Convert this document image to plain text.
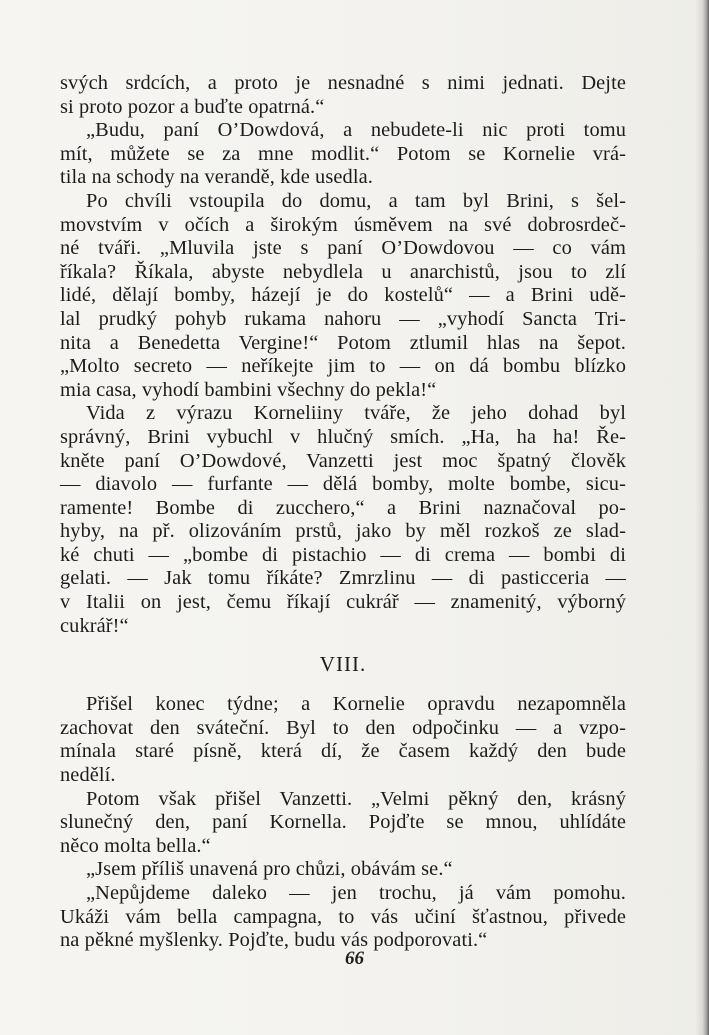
svých srdcích, a proto je nesnadné s nimi jednati. Dejte
si proto pozor a buďte opatrná.“
„Budu, paní O’Dowdová, a nebudete-li nic proti tomu
mít, můžete se za mne modlit.“ Potom se Kornelie vrá-
tila na schody na verandě, kde usedla.
Po chvíli vstoupila do domu, a tam byl Brini, s šel-
movstvím v očích a širokým úsměvem na své dobrosrdeč-
né tváři. „Mluvila jste s paní O’Dowdovou — co vám
říkala? Říkala, abyste nebydlela u anarchistů, jsou to zlí
lidé, dělají bomby, házejí je do kostelů“ — a Brini udě-
lal prudký pohyb rukama nahoru — „vyhodí Sancta Tri-
nita a Benedetta Vergine!“ Potom ztlumil hlas na šepot.
„Molto secreto — neříkejte jim to — on dá bombu blízko
mia casa, vyhodí bambini všechny do pekla!“
Vida z výrazu Korneliiny tváře, že jeho dohad byl
správný, Brini vybuchl v hlučný smích. „Ha, ha ha! Ře-
kněte paní O’Dowdové, Vanzetti jest moc špatný člověk
— diavolo — furfante — dělá bomby, molte bombe, sicu-
ramente! Bombe di zucchero,“ a Brini naznačoval po-
hyby, na př. olizováním prstů, jako by měl rozkoš ze slad-
ké chuti — „bombe di pistachio — di crema — bombi di
gelati. — Jak tomu říkáte? Zmrzlinu — di pasticceria —
v Italii on jest, čemu říkají cukrář — znamenitý, výborný
cukrář!“
VIII.
Přišel konec týdne; a Kornelie opravdu nezapomněla
zachovat den sváteční. Byl to den odpočinku — a vzpo-
mínala staré písně, která dí, že časem každý den bude
nedělí.
Potom však přišel Vanzetti. „Velmi pěkný den, krásný
slunečný den, paní Kornella. Pojďte se mnou, uhlídáte
něco molta bella.“
„Jsem příliš unavená pro chůzi, obávám se.“
„Nepůjdeme daleko — jen trochu, já vám pomohu.
Ukáži vám bella campagna, to vás učiní šťastnou, přivede
na pěkné myšlenky. Pojďte, budu vás podporovati.“
66
